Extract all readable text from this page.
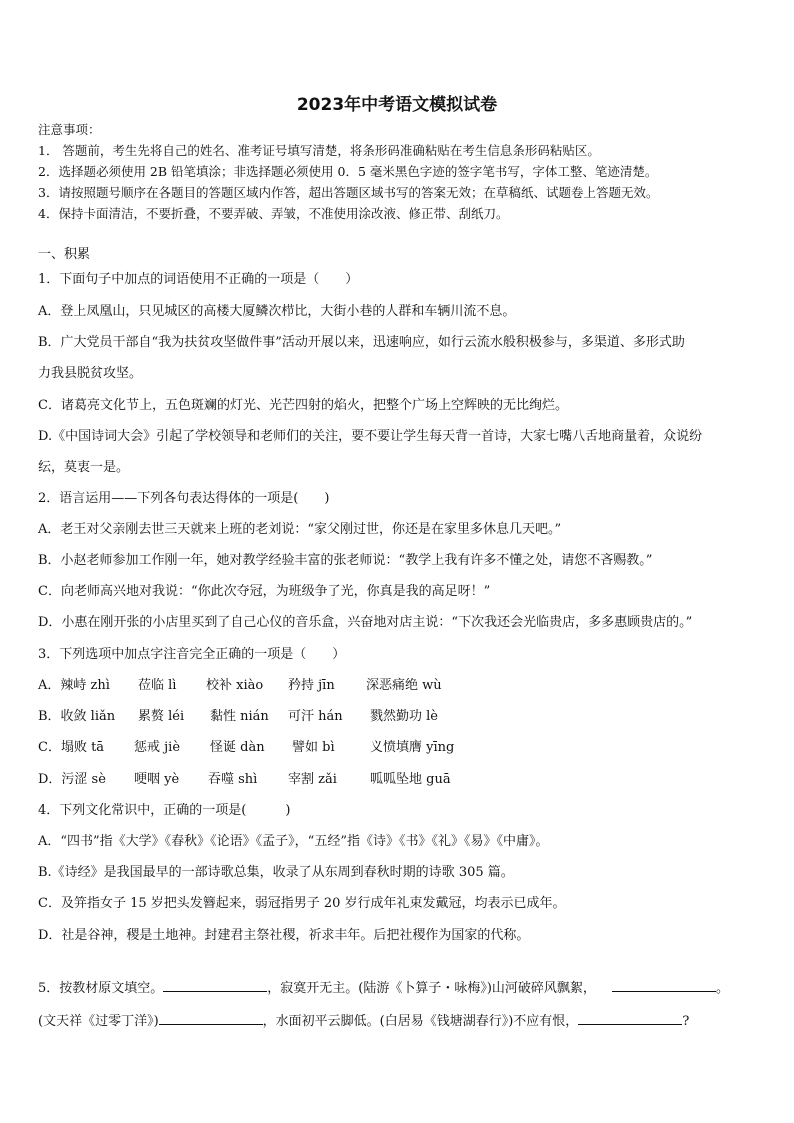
2023年中考语文模拟试卷
注意事项：
1． 答题前，考生先将自己的姓名、准考证号填写清楚，将条形码准确粘贴在考生信息条形码粘贴区。
2．选择题必须使用 2B 铅笔填涂；非选择题必须使用 0．5 毫米黑色字迹的签字笔书写，字体工整、笔迹清楚。
3．请按照题号顺序在各题目的答题区域内作答，超出答题区域书写的答案无效；在草稿纸、试题卷上答题无效。
4．保持卡面清洁，不要折叠，不要弄破、弄皱，不准使用涂改液、修正带、刮纸刀。
一、积累
1．下面句子中加点的词语使用不正确的一项是（　　）
A．登上凤凰山，只见城区的高楼大厦鳞次栉比，大街小巷的人群和车辆川流不息。
B．广大党员干部自“我为扶贫攻坚做件事”活动开展以来，迅速响应，如行云流水般积极参与，多渠道、多形式助
力我县脱贫攻坚。
C．诸葛亮文化节上，五色斑斓的灯光、光芒四射的焰火，把整个广场上空辉映的无比绚烂。
D.《中国诗词大会》引起了学校领导和老师们的关注，要不要让学生每天背一首诗，大家七嘴八舌地商量着，众说纷
纭，莫衷一是。
2．语言运用——下列各句表达得体的一项是(　　)
A．老王对父亲刚去世三天就来上班的老刘说：“家父刚过世，你还是在家里多休息几天吧。”
B．小赵老师参加工作刚一年，她对教学经验丰富的张老师说：“教学上我有许多不懂之处，请您不吝赐教。”
C．向老师高兴地对我说：“你此次夺冠，为班级争了光，你真是我的高足呀！”
D．小惠在刚开张的小店里买到了自己心仪的音乐盒，兴奋地对店主说：“下次我还会光临贵店，多多惠顾贵店的。”
3．下列选项中加点字注音完全正确的一项是（　　）
A．辣峙 zhì 莅临 lì 校补 xiào 矜持 jīn 深恶痛绝 wù
B．收敛 liǎn 累赘 léi 黏性 nián 可汗 hán 戮然勤功 lè
C．塌败 tā 惩戒 jiè 怪诞 dàn 譬如 bì	义愤填膺 yīng
D．污涩 sè 哽咽 yè 吞噬 shì 宰割 zǎi	呱呱坠地 guā
4．下列文化常识中，正确的一项是(　　　)
A．“四书”指《大学》《春秋》《论语》《孟子》，“五经”指《诗》《书》《礼》《易》《中庸》。
B.《诗经》是我国最早的一部诗歌总集，收录了从东周到春秋时期的诗歌 305 篇。
C．及笄指女子 15 岁把头发簪起来，弱冠指男子 20 岁行成年礼束发戴冠，均表示已成年。
D．社是谷神，稷是土地神。封建君主祭社稷，祈求丰年。后把社稷作为国家的代称。
5．按教材原文填空。	，寂寞开无主。(陆游《卜算子・咏梅》)山河破碎风飘絮，	。
(文天祥《过零丁洋》)	，水面初平云脚低。(白居易《钱塘湖春行》)不应有恨，	?
